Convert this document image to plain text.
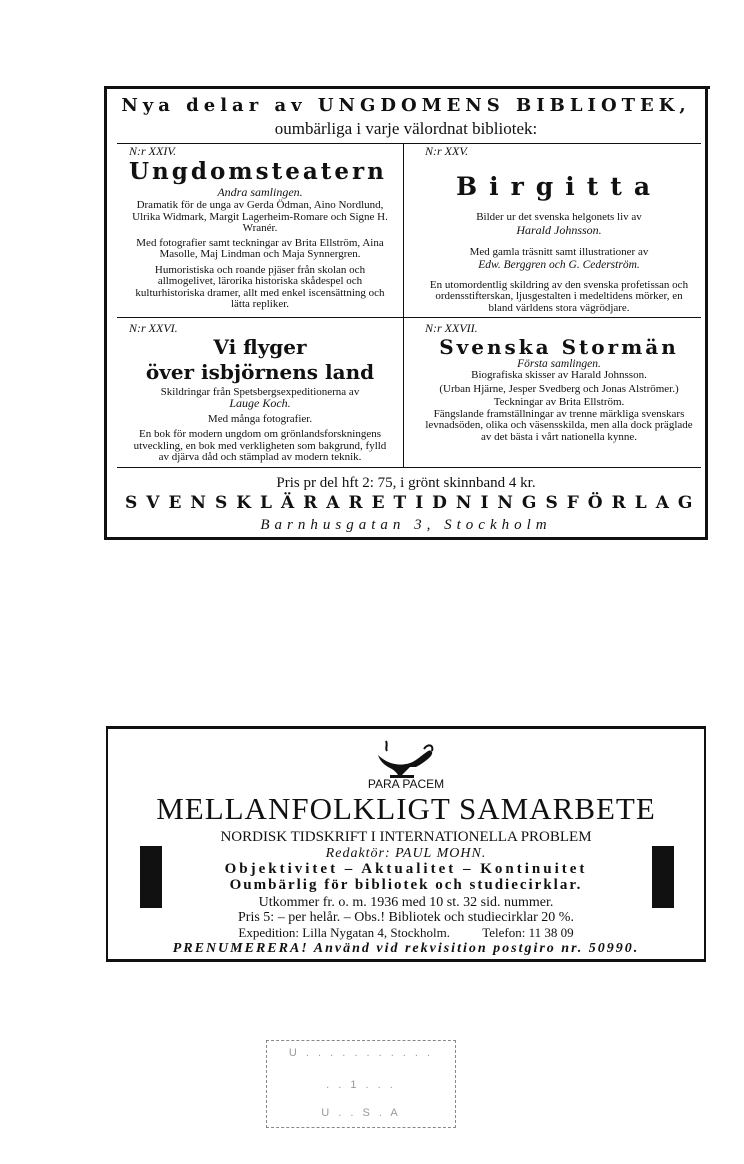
Nya delar av UNGDOMENS BIBLIOTEK,
oumbärliga i varje välordnat bibliotek:
N:r XXIV.
Ungdomsteatern
Andra samlingen.
Dramatik för de unga av Gerda Ödman, Aino Nordlund, Ulrika Widmark, Margit Lagerheim-Romare och Signe H. Wranér.
Med fotografier samt teckningar av Brita Ellström, Aina Masolle, Maj Lindman och Maja Synnergren.
Humoristiska och roande pjäser från skolan och allmogelivet, lärorika historiska skådespel och kulturhistoriska dramer, allt med enkel iscensättning och lätta repliker.
N:r XXV.
Birgitta
Bilder ur det svenska helgonets liv av
Harald Johnsson.
Med gamla träsnitt samt illustrationer av
Edw. Berggren och G. Cederström.
En utomordentlig skildring av den svenska profetissan och ordensstifterskan, ljusgestalten i medeltidens mörker, en bland världens stora vägrödjare.
N:r XXVI.
Vi flyger
över isbjörnens land
Skildringar från Spetsbergsexpeditionerna av
Lauge Koch.
Med många fotografier.
En bok för modern ungdom om grönlandsforskningens utveckling, en bok med verkligheten som bakgrund, fylld av djärva dåd och stämplad av modern teknik.
N:r XXVII.
Svenska Stormän
Första samlingen.
Biografiska skisser av Harald Johnsson.
(Urban Hjärne, Jesper Svedberg och Jonas Alströmer.)
Teckningar av Brita Ellström.
Fängslande framställningar av trenne märkliga svenskars levnadsöden, olika och väsensskilda, men alla dock präglade av det bästa i vårt nationella kynne.
Pris pr del hft 2: 75, i grönt skinnband 4 kr.
SVENSK LÄRARETIDNINGS FÖRLAG
Barnhusgatan 3, Stockholm
PARA PACEM
MELLANFOLKLIGT SAMARBETE
NORDISK TIDSKRIFT I INTERNATIONELLA PROBLEM
Redaktör: PAUL MOHN.
Objektivitet – Aktualitet – Kontinuitet
Oumbärlig för bibliotek och studiecirklar.
Utkommer fr. o. m. 1936 med 10 st. 32 sid. nummer.
Pris 5: – per helår. – Obs.! Bibliotek och studiecirklar 20 %.
Expedition: Lilla Nygatan 4, Stockholm.          Telefon: 11 38 09
PRENUMERERA! Använd vid rekvisition postgiro nr. 50990.
U . . . . . . . . . . .
. . 1 . . .
U . . S . A
